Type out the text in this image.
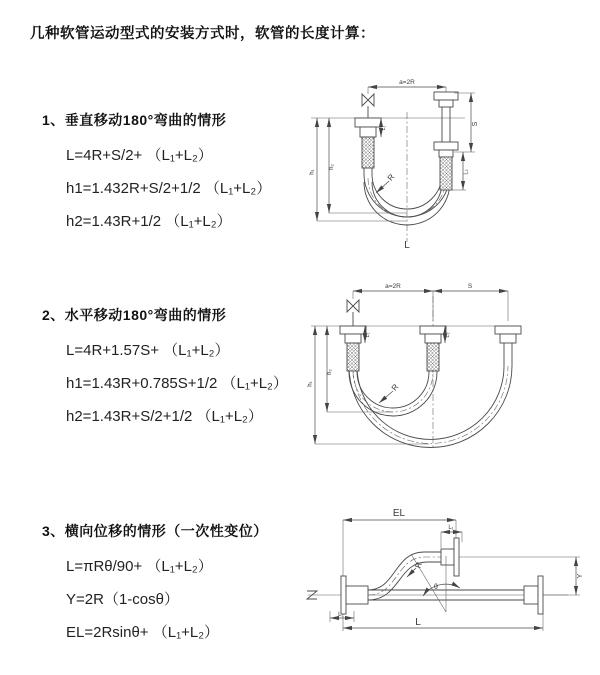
几种软管运动型式的安装方式时，软管的长度计算：
1、垂直移动180°弯曲的情形
L=4R+S/2+ （L₁+L₂）
h1=1.432R+S/2+1/2 （L₁+L₂）
h2=1.43R+1/2 （L₁+L₂）
2、水平移动180°弯曲的情形
L=4R+1.57S+ （L₁+L₂）
h1=1.43R+0.785S+1/2 （L₁+L₂）
h2=1.43R+S/2+1/2 （L₁+L₂）
3、横向位移的情形（一次性变位）
L=πRθ/90+ （L₁+L₂）
Y=2R（1-cosθ）
EL=2Rsinθ+ （L₁+L₂）
a=2R
S
L₂
h₁
h₂
L₁
R
L
a=2R	S
h₁
h₂
L₁	L₂
R
θ
R
EL
L₁
Y
L₂
L
